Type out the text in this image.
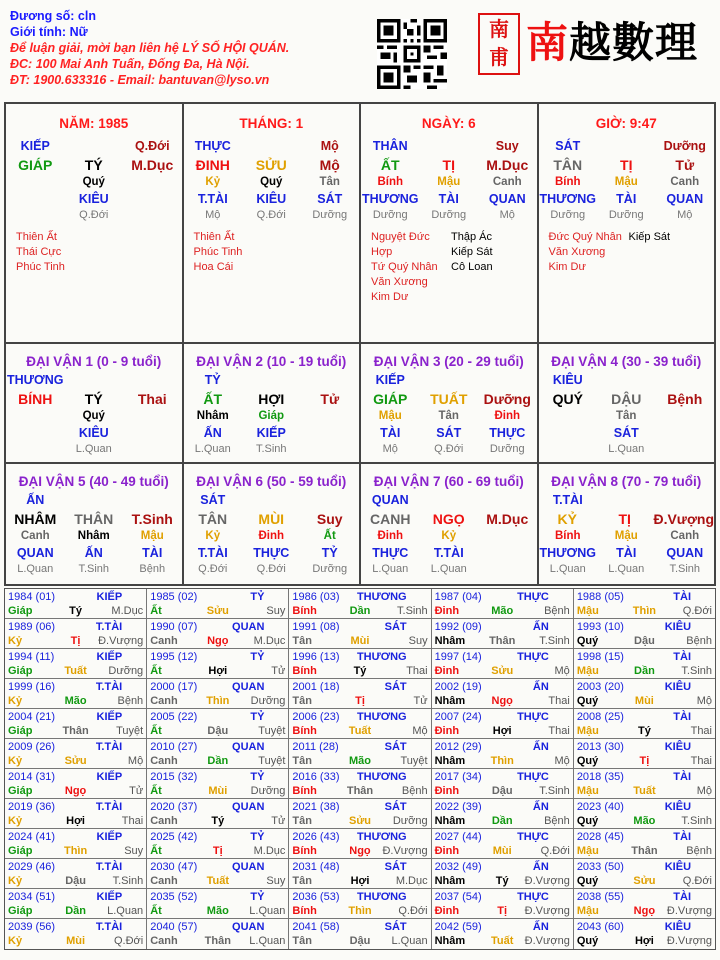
Đương số: cln
Giới tính: Nữ
Để luận giải, mời bạn liên hệ LÝ SỐ HỘI QUÁN.
ĐC: 100 Mai Anh Tuấn, Đống Đa, Hà Nội.
ĐT: 1900.633316 - Email: bantuvan@lyso.vn
南
甫 南越數理
NĂM: 1985
KIẾP	Q.Đới
GIÁP	TÝ	M.Dục
Quý
KIÊU
Q.Đới
Thiên Ất
Thái Cực
Phúc Tinh
THÁNG: 1
THỰC	Mộ
ĐINH	SỬU	Mộ
Kỷ	Quý	Tân
T.TÀI	KIÊU	SÁT
Mộ	Q.Đới	Dưỡng
Thiên Ất
Phúc Tinh
Hoa Cái
NGÀY: 6
THÂN	Suy
ẤT	TỊ	M.Dục
Bính	Mậu	Canh
THƯƠNG	TÀI	QUAN
Dưỡng	Dưỡng	Mộ
Nguyệt Đức Hợp
Tứ Quý Nhân
Văn Xương
Kim Dư
Thập Ác
Kiếp Sát
Cô Loan
GIỜ: 9:47
SÁT	Dưỡng
TÂN	TỊ	Tử
Bính	Mậu	Canh
THƯƠNG	TÀI	QUAN
Dưỡng	Dưỡng	Mộ
Đức Quý Nhân
Văn Xương
Kim Dư
Kiếp Sát
ĐẠI VẬN 1 (0 - 9 tuổi)
THƯƠNG
BÍNH	TÝ	Thai
Quý
KIÊU
L.Quan
ĐẠI VẬN 2 (10 - 19 tuổi)
TỶ
ẤT	HỢI	Tử
Nhâm	Giáp
ẤN	KIẾP
L.Quan	T.Sinh
ĐẠI VẬN 3 (20 - 29 tuổi)
KIẾP
GIÁP	TUẤT	Dưỡng
Mậu	Tân	Đinh
TÀI	SÁT	THỰC
Mộ	Q.Đới	Dưỡng
ĐẠI VẬN 4 (30 - 39 tuổi)
KIÊU
QUÝ	DẬU	Bệnh
Tân
SÁT
L.Quan
ĐẠI VẬN 5 (40 - 49 tuổi)
ẤN
NHÂM	THÂN	T.Sinh
Canh	Nhâm	Mậu
QUAN	ẤN	TÀI
L.Quan	T.Sinh	Bệnh
ĐẠI VẬN 6 (50 - 59 tuổi)
SÁT
TÂN	MÙI	Suy
Kỷ	Đinh	Ất
T.TÀI	THỰC	TỶ
Q.Đới	Q.Đới	Dưỡng
ĐẠI VẬN 7 (60 - 69 tuổi)
QUAN
CANH	NGỌ	M.Dục
Đinh	Kỷ
THỰC	T.TÀI
L.Quan	L.Quan
ĐẠI VẬN 8 (70 - 79 tuổi)
T.TÀI
KỶ	TỊ	Đ.Vượng
Bính	Mậu	Canh
THƯƠNG	TÀI	QUAN
L.Quan	L.Quan	T.Sinh
1984 (01)	KIẾP
Giáp	Tý	M.Dục
1985 (02)	TỶ
Ất	Sửu	Suy
1986 (03)	THƯƠNG
Bính	Dần	T.Sinh
1987 (04)	THỰC
Đinh	Mão	Bệnh
1988 (05)	TÀI
Mậu	Thìn	Q.Đới
1989 (06)	T.TÀI
Kỷ	Tị	Đ.Vượng
1990 (07)	QUAN
Canh	Ngọ	M.Dục
1991 (08)	SÁT
Tân	Mùi	Suy
1992 (09)	ẤN
Nhâm	Thân	T.Sinh
1993 (10)	KIÊU
Quý	Dậu	Bệnh
1994 (11)	KIẾP
Giáp	Tuất	Dưỡng
1995 (12)	TỶ
Ất	Hợi	Tử
1996 (13)	THƯƠNG
Bính	Tý	Thai
1997 (14)	THỰC
Đinh	Sửu	Mộ
1998 (15)	TÀI
Mậu	Dần	T.Sinh
1999 (16)	T.TÀI
Kỷ	Mão	Bệnh
2000 (17)	QUAN
Canh	Thìn	Dưỡng
2001 (18)	SÁT
Tân	Tị	Tử
2002 (19)	ẤN
Nhâm	Ngọ	Thai
2003 (20)	KIÊU
Quý	Mùi	Mộ
2004 (21)	KIẾP
Giáp	Thân	Tuyệt
2005 (22)	TỶ
Ất	Dậu	Tuyệt
2006 (23)	THƯƠNG
Bính	Tuất	Mộ
2007 (24)	THỰC
Đinh	Hợi	Thai
2008 (25)	TÀI
Mậu	Tý	Thai
2009 (26)	T.TÀI
Kỷ	Sửu	Mộ
2010 (27)	QUAN
Canh	Dần	Tuyệt
2011 (28)	SÁT
Tân	Mão	Tuyệt
2012 (29)	ẤN
Nhâm	Thìn	Mộ
2013 (30)	KIÊU
Quý	Tị	Thai
2014 (31)	KIẾP
Giáp	Ngọ	Tử
2015 (32)	TỶ
Ất	Mùi	Dưỡng
2016 (33)	THƯƠNG
Bính	Thân	Bệnh
2017 (34)	THỰC
Đinh	Dậu	T.Sinh
2018 (35)	TÀI
Mậu	Tuất	Mộ
2019 (36)	T.TÀI
Kỷ	Hợi	Thai
2020 (37)	QUAN
Canh	Tý	Tử
2021 (38)	SÁT
Tân	Sửu	Dưỡng
2022 (39)	ẤN
Nhâm	Dần	Bệnh
2023 (40)	KIÊU
Quý	Mão	T.Sinh
2024 (41)	KIẾP
Giáp	Thìn	Suy
2025 (42)	TỶ
Ất	Tị	M.Dục
2026 (43)	THƯƠNG
Bính	Ngọ	Đ.Vượng
2027 (44)	THỰC
Đinh	Mùi	Q.Đới
2028 (45)	TÀI
Mậu	Thân	Bệnh
2029 (46)	T.TÀI
Kỷ	Dậu	T.Sinh
2030 (47)	QUAN
Canh	Tuất	Suy
2031 (48)	SÁT
Tân	Hợi	M.Dục
2032 (49)	ẤN
Nhâm	Tý	Đ.Vượng
2033 (50)	KIÊU
Quý	Sửu	Q.Đới
2034 (51)	KIẾP
Giáp	Dần	L.Quan
2035 (52)	TỶ
Ất	Mão	L.Quan
2036 (53)	THƯƠNG
Bính	Thìn	Q.Đới
2037 (54)	THỰC
Đinh	Tị	Đ.Vượng
2038 (55)	TÀI
Mậu	Ngọ	Đ.Vượng
2039 (56)	T.TÀI
Kỷ	Mùi	Q.Đới
2040 (57)	QUAN
Canh	Thân	L.Quan
2041 (58)	SÁT
Tân	Dậu	L.Quan
2042 (59)	ẤN
Nhâm	Tuất	Đ.Vượng
2043 (60)	KIÊU
Quý	Hợi	Đ.Vượng
